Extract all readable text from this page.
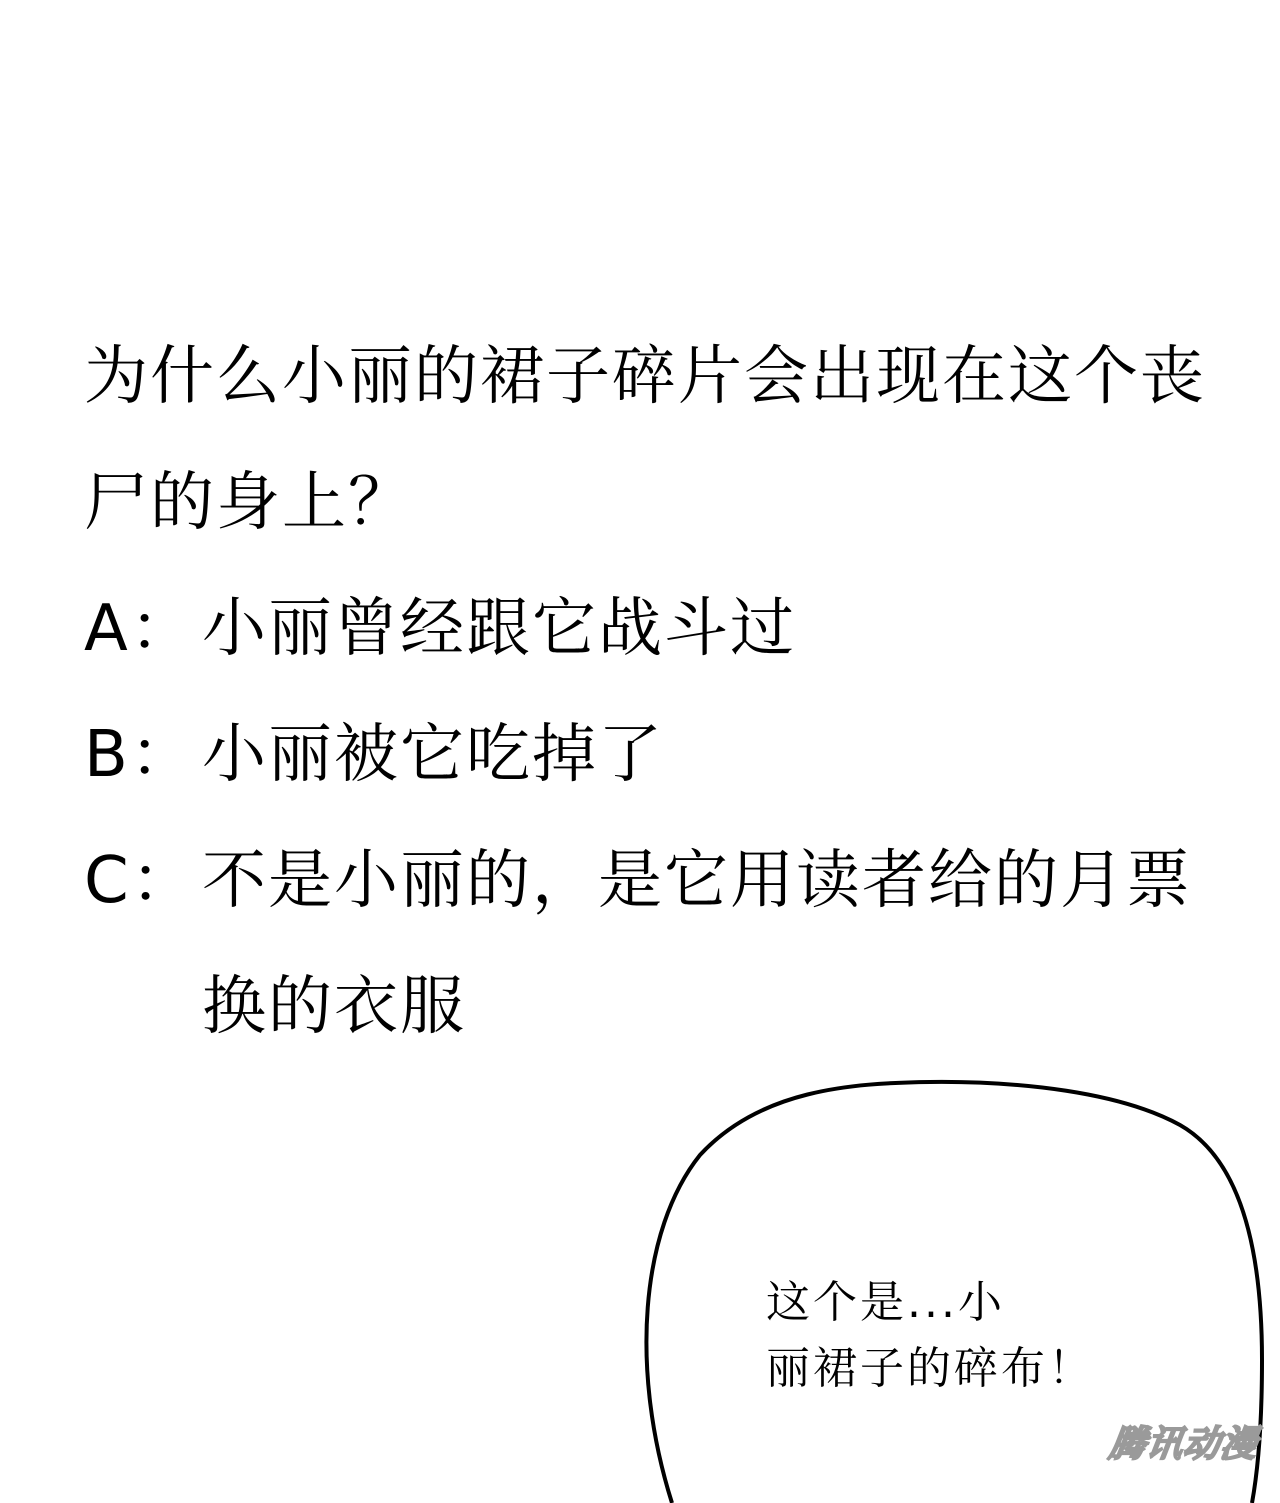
为什么小丽的裙子碎片会出现在这个丧尸的身上？

A： 小丽曾经跟它战斗过
B： 小丽被它吃掉了
C： 不是小丽的，是它用读者给的月票换的衣服
这个是...小
丽裙子的碎布！
腾讯动漫
